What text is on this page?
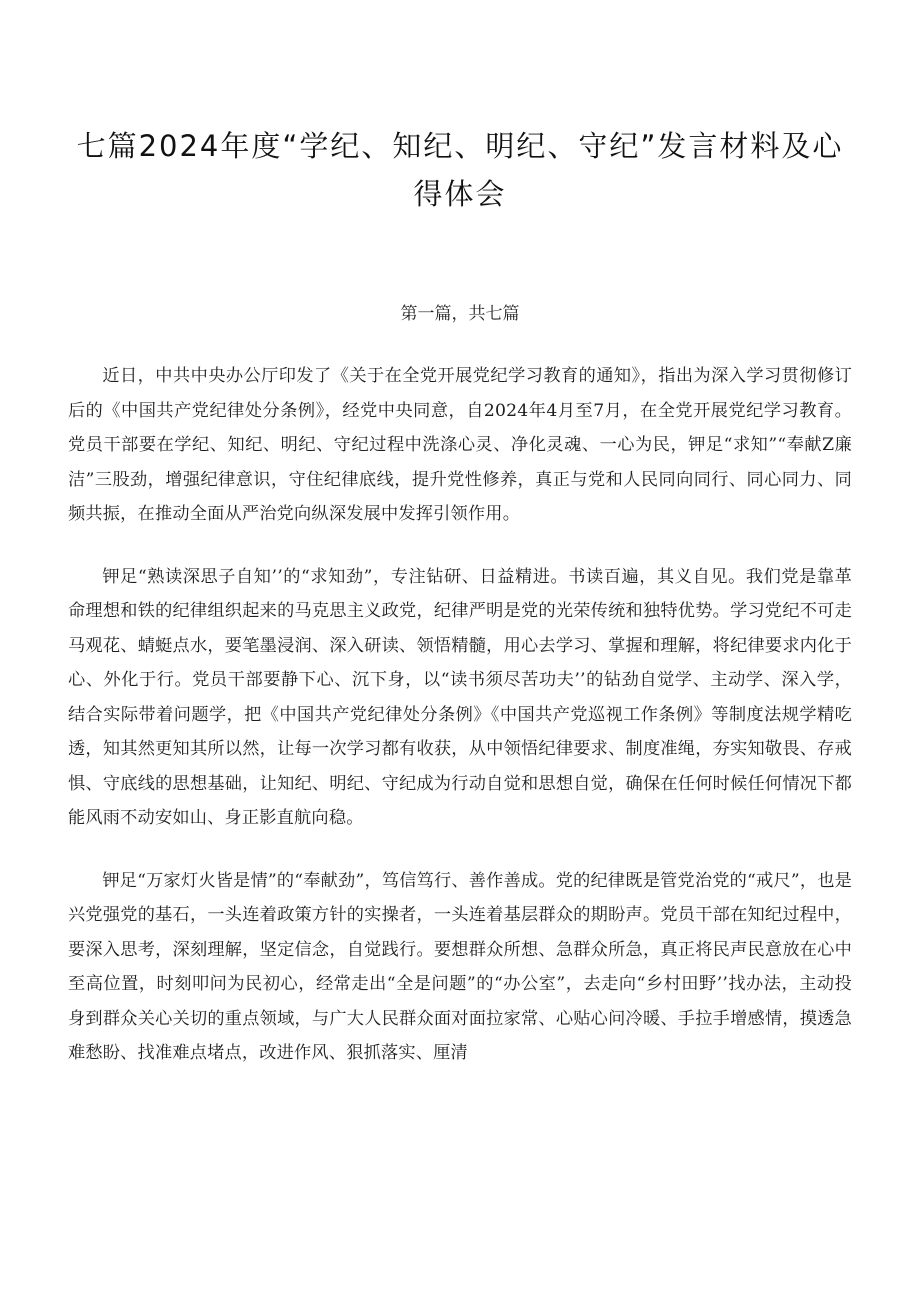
七篇2024年度“学纪、知纪、明纪、守纪”发言材料及心得体会
第一篇，共七篇

近日，中共中央办公厅印发了《关于在全党开展党纪学习教育的通知》，指出为深入学习贯彻修订后的《中国共产党纪律处分条例》，经党中央同意，自2024年4月至7月，在全党开展党纪学习教育。党员干部要在学纪、知纪、明纪、守纪过程中洗涤心灵、净化灵魂、一心为民，钾足“求知”“奉献Z廉洁”三股劲，增强纪律意识，守住纪律底线，提升党性修养，真正与党和人民同向同行、同心同力、同频共振，在推动全面从严治党向纵深发展中发挥引领作用。

钾足“熟读深思子自知’’的“求知劲”，专注钻研、日益精进。书读百遍，其义自见。我们党是靠革命理想和铁的纪律组织起来的马克思主义政党，纪律严明是党的光荣传统和独特优势。学习党纪不可走马观花、蜻蜓点水，要笔墨浸润、深入研读、领悟精髓，用心去学习、掌握和理解，将纪律要求内化于心、外化于行。党员干部要静下心、沉下身，以“读书须尽苦功夫’’的钻劲自觉学、主动学、深入学，结合实际带着问题学，把《中国共产党纪律处分条例》《中国共产党巡视工作条例》等制度法规学精吃透，知其然更知其所以然，让每一次学习都有收获，从中领悟纪律要求、制度准绳，夯实知敬畏、存戒惧、守底线的思想基础，让知纪、明纪、守纪成为行动自觉和思想自觉，确保在任何时候任何情况下都能风雨不动安如山、身正影直航向稳。

钾足“万家灯火皆是情”的“奉献劲”，笃信笃行、善作善成。党的纪律既是管党治党的“戒尺”，也是兴党强党的基石，一头连着政策方针的实操者，一头连着基层群众的期盼声。党员干部在知纪过程中，要深入思考，深刻理解，坚定信念，自觉践行。要想群众所想、急群众所急，真正将民声民意放在心中至高位置，时刻叩问为民初心，经常走出“全是问题”的“办公室”，去走向“乡村田野’’找办法，主动投身到群众关心关切的重点领域，与广大人民群众面对面拉家常、心贴心问冷暖、手拉手增感情，摸透急难愁盼、找准难点堵点，改进作风、狠抓落实、厘清
